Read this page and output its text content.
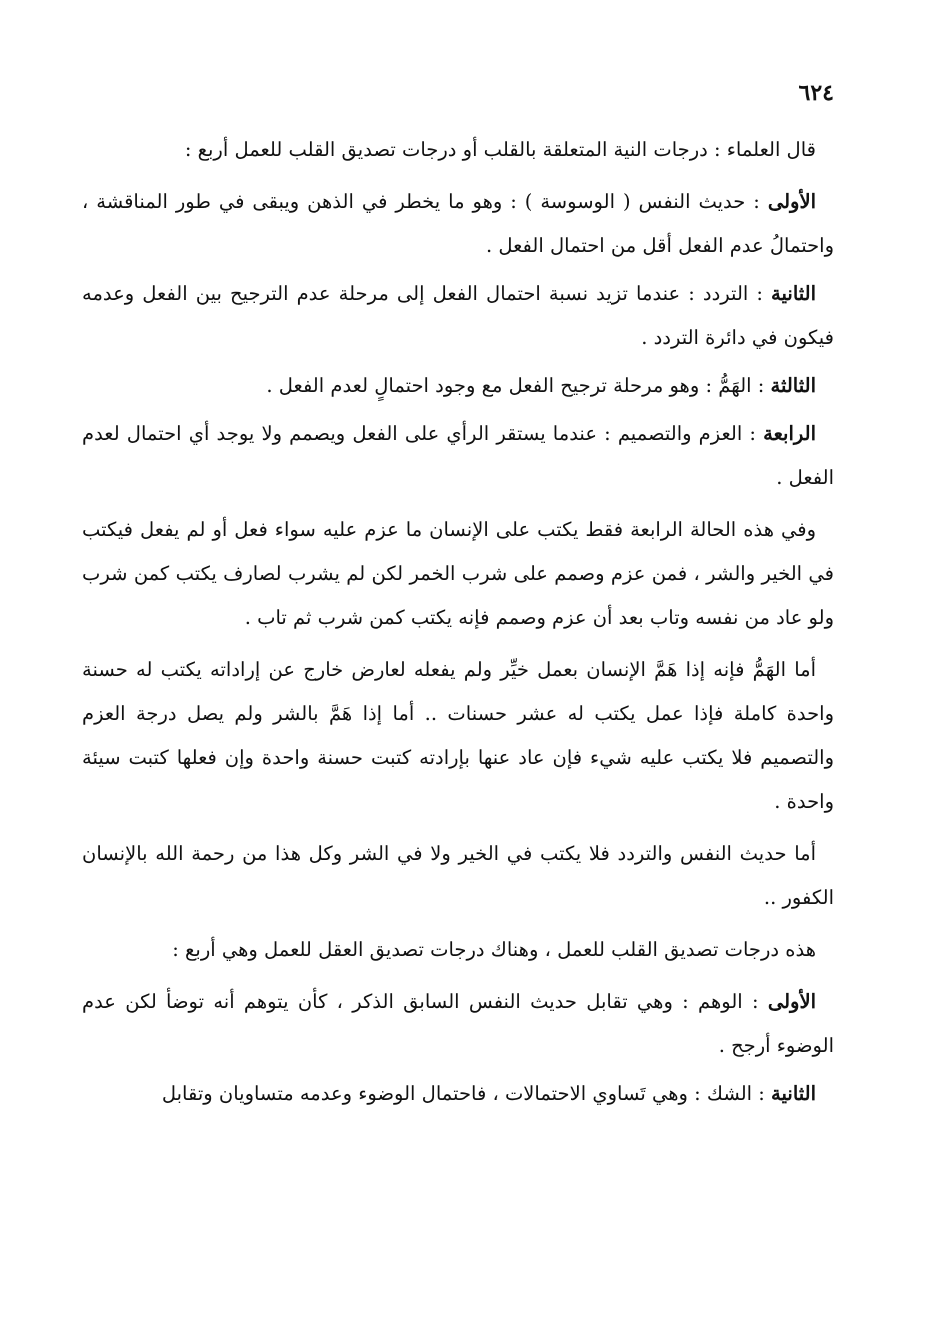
٦٢٤

قال العلماء : درجات النية المتعلقة بالقلب أو درجات تصديق القلب للعمل أربع :

الأولى : حديث النفس ( الوسوسة ) : وهو ما يخطر في الذهن ويبقى في طور المناقشة ، واحتمالُ عدم الفعل أقل من احتمال الفعل .

الثانية : التردد : عندما تزيد نسبة احتمال الفعل إلى مرحلة عدم الترجيح بين الفعل وعدمه فيكون في دائرة التردد .

الثالثة : الهَمُّ : وهو مرحلة ترجيح الفعل مع وجود احتمالٍ لعدم الفعل .

الرابعة : العزم والتصميم : عندما يستقر الرأي على الفعل ويصمم ولا يوجد أي احتمال لعدم الفعل .

وفي هذه الحالة الرابعة فقط يكتب على الإنسان ما عزم عليه سواء فعل أو لم يفعل فيكتب في الخير والشر ، فمن عزم وصمم على شرب الخمر لكن لم يشرب لصارف يكتب كمن شرب ولو عاد من نفسه وتاب بعد أن عزم وصمم فإنه يكتب كمن شرب ثم تاب .

أما الهَمُّ فإنه إذا هَمَّ الإنسان بعمل خيِّر ولم يفعله لعارض خارج عن إراداته يكتب له حسنة واحدة كاملة فإذا عمل يكتب له عشر حسنات .. أما إذا هَمَّ بالشر ولم يصل درجة العزم والتصميم فلا يكتب عليه شيء فإن عاد عنها بإرادته كتبت حسنة واحدة وإن فعلها كتبت سيئة واحدة .

أما حديث النفس والتردد فلا يكتب في الخير ولا في الشر وكل هذا من رحمة الله بالإنسان الكفور ..

هذه درجات تصديق القلب للعمل ، وهناك درجات تصديق العقل للعمل وهي أربع :

الأولى : الوهم : وهي تقابل حديث النفس السابق الذكر ، كأن يتوهم أنه توضأ لكن عدم الوضوء أرجح .

الثانية : الشك : وهي تَساوي الاحتمالات ، فاحتمال الوضوء وعدمه متساويان وتقابل
